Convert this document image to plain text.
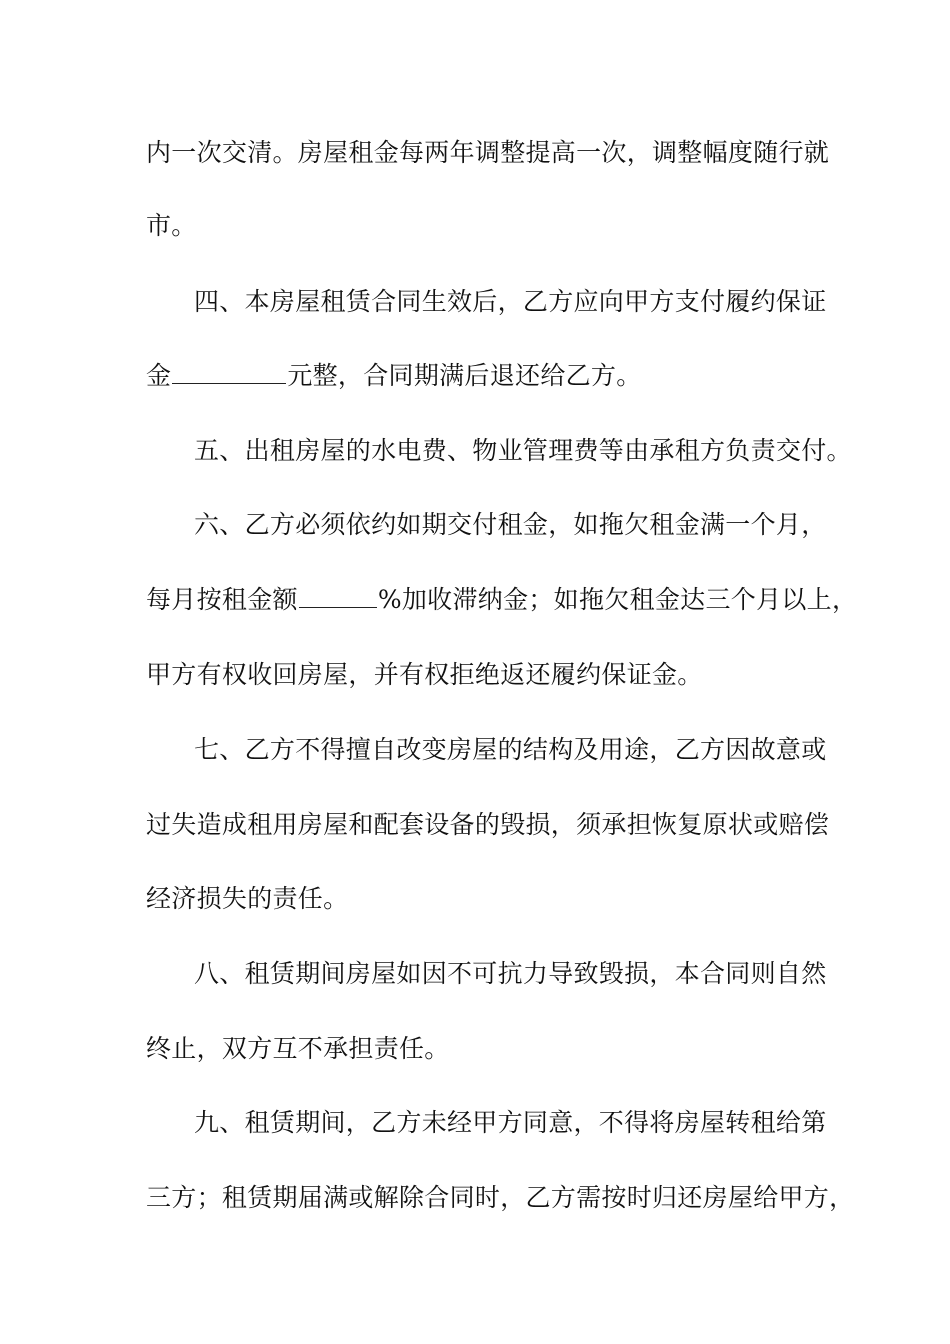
内一次交清。房屋租金每两年调整提高一次，调整幅度随行就
市。
四、本房屋租赁合同生效后，乙方应向甲方支付履约保证
金	元整，合同期满后退还给乙方。
五、出租房屋的水电费、物业管理费等由承租方负责交付。
六、乙方必须依约如期交付租金，如拖欠租金满一个月，
每月按租金额	%加收滞纳金；如拖欠租金达三个月以上，
甲方有权收回房屋，并有权拒绝返还履约保证金。
七、乙方不得擅自改变房屋的结构及用途，乙方因故意或
过失造成租用房屋和配套设备的毁损，须承担恢复原状或赔偿
经济损失的责任。
八、租赁期间房屋如因不可抗力导致毁损，本合同则自然
终止，双方互不承担责任。
九、租赁期间，乙方未经甲方同意，不得将房屋转租给第
三方；租赁期届满或解除合同时，乙方需按时归还房屋给甲方，
